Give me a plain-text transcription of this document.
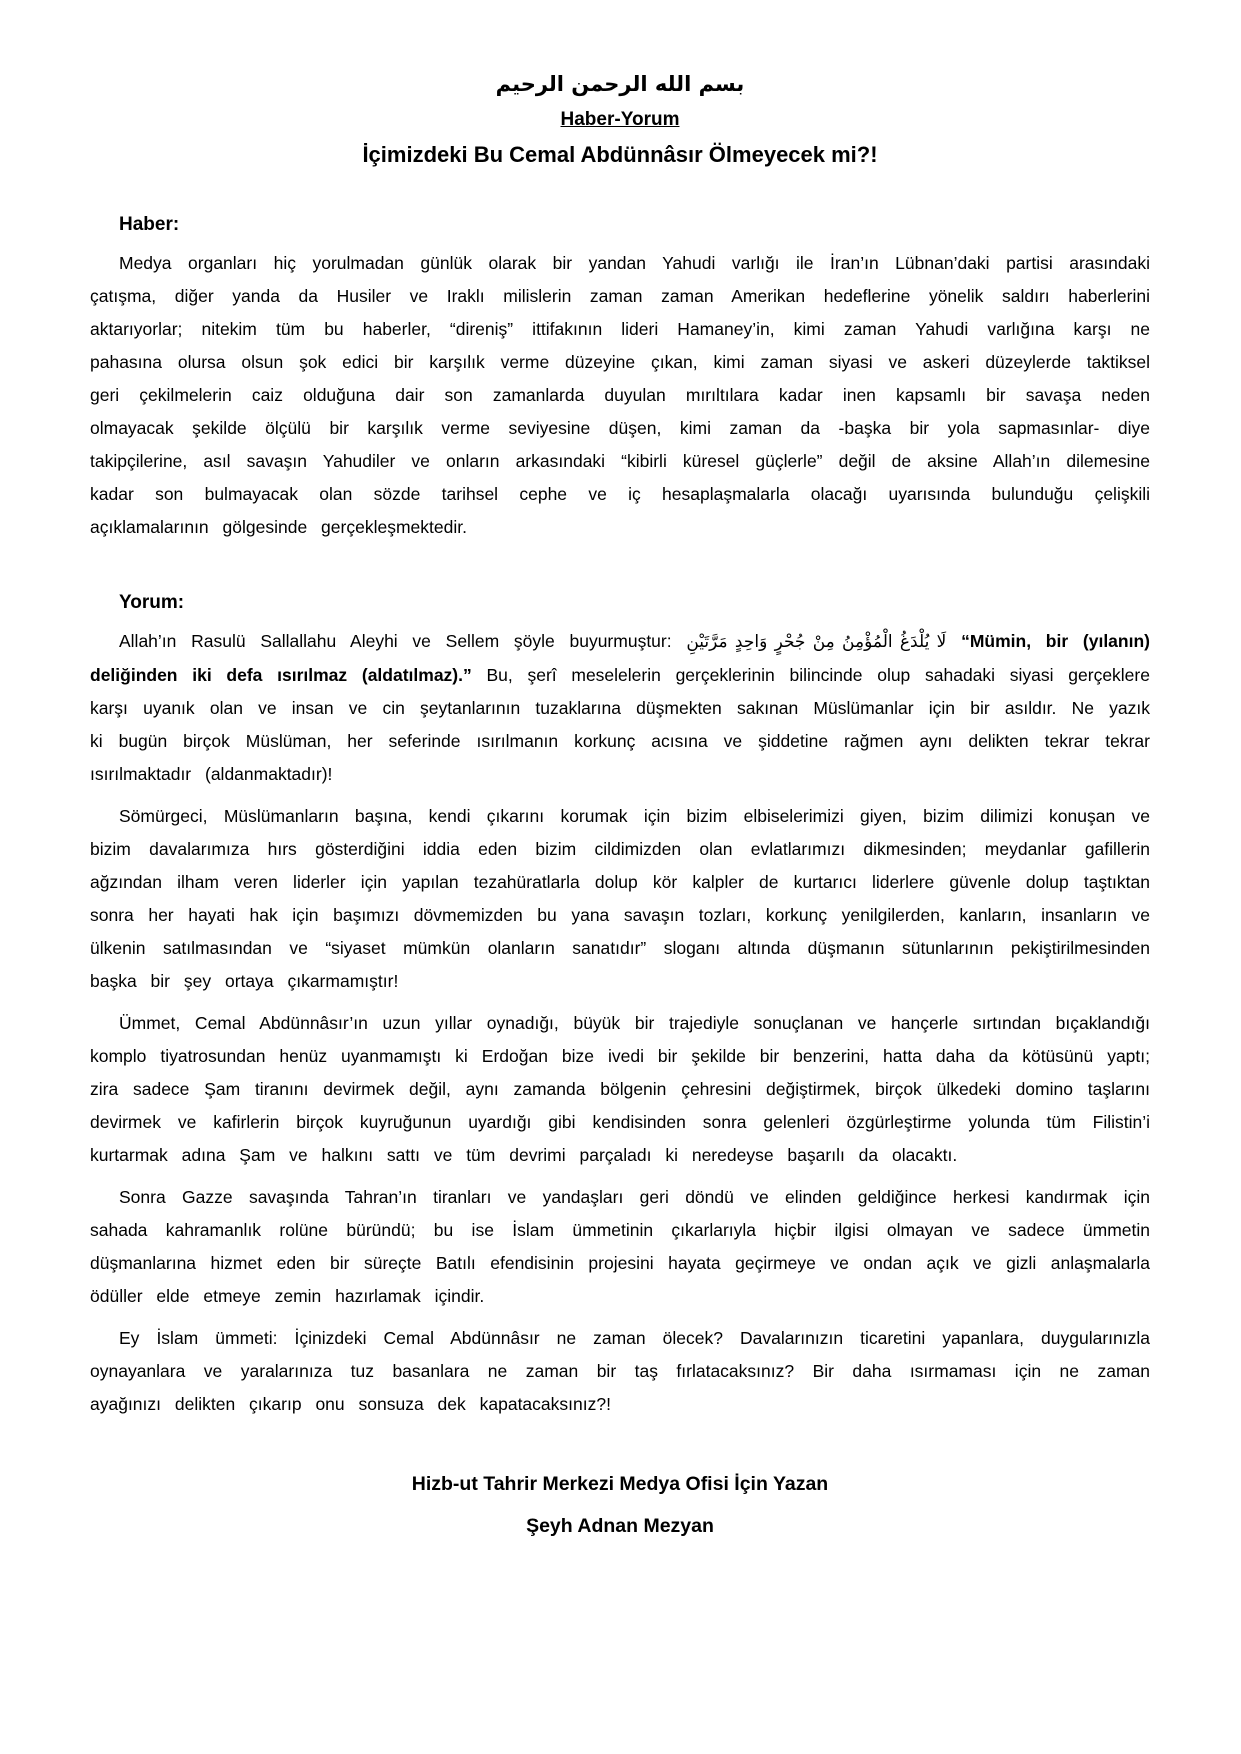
بسم الله الرحمن الرحيم
Haber-Yorum
İçimizdeki Bu Cemal Abdünnâsır Ölmeyecek mi?!
Haber:

Medya organları hiç yorulmadan günlük olarak bir yandan Yahudi varlığı ile İran’ın Lübnan’daki partisi arasındaki çatışma, diğer yanda da Husiler ve Iraklı milislerin zaman zaman Amerikan hedeflerine yönelik saldırı haberlerini aktarıyorlar; nitekim tüm bu haberler, “direniş” ittifakının lideri Hamaney’in, kimi zaman Yahudi varlığına karşı ne pahasına olursa olsun şok edici bir karşılık verme düzeyine çıkan, kimi zaman siyasi ve askeri düzeylerde taktiksel geri çekilmelerin caiz olduğuna dair son zamanlarda duyulan mırıltılara kadar inen kapsamlı bir savaşa neden olmayacak şekilde ölçülü bir karşılık verme seviyesine düşen, kimi zaman da -başka bir yola sapmasınlar- diye takipçilerine, asıl savaşın Yahudiler ve onların arkasındaki “kibirli küresel güçlerle” değil de aksine Allah’ın dilemesine kadar son bulmayacak olan sözde tarihsel cephe ve iç hesaplaşmalarla olacağı uyarısında bulunduğu çelişkili açıklamalarının gölgesinde gerçekleşmektedir.

Yorum:

Allah’ın Rasulü Sallallahu Aleyhi ve Sellem şöyle buyurmuştur: لَا يُلْدَغُ الْمُؤْمِنُ مِنْ جُحْرٍ وَاحِدٍ مَرَّتَيْنِ “Mümin, bir (yılanın) deliğinden iki defa ısırılmaz (aldatılmaz).” Bu, şerî meselelerin gerçeklerinin bilincinde olup sahadaki siyasi gerçeklere karşı uyanık olan ve insan ve cin şeytanlarının tuzaklarına düşmekten sakınan Müslümanlar için bir asıldır. Ne yazık ki bugün birçok Müslüman, her seferinde ısırılmanın korkunç acısına ve şiddetine rağmen aynı delikten tekrar tekrar ısırılmaktadır (aldanmaktadır)!

Sömürgeci, Müslümanların başına, kendi çıkarını korumak için bizim elbiselerimizi giyen, bizim dilimizi konuşan ve bizim davalarımıza hırs gösterdiğini iddia eden bizim cildimizden olan evlatlarımızı dikmesinden; meydanlar gafillerin ağzından ilham veren liderler için yapılan tezahüratlarla dolup kör kalpler de kurtarıcı liderlere güvenle dolup taştıktan sonra her hayati hak için başımızı dövmemizden bu yana savaşın tozları, korkunç yenilgilerden, kanların, insanların ve ülkenin satılmasından ve “siyaset mümkün olanların sanatıdır” sloganı altında düşmanın sütunlarının pekiştirilmesinden başka bir şey ortaya çıkarmamıştır!

Ümmet, Cemal Abdünnâsır’ın uzun yıllar oynadığı, büyük bir trajediyle sonuçlanan ve hançerle sırtından bıçaklandığı komplo tiyatrosundan henüz uyanmamıştı ki Erdoğan bize ivedi bir şekilde bir benzerini, hatta daha da kötüsünü yaptı; zira sadece Şam tiranını devirmek değil, aynı zamanda bölgenin çehresini değiştirmek, birçok ülkedeki domino taşlarını devirmek ve kafirlerin birçok kuyruğunun uyardığı gibi kendisinden sonra gelenleri özgürleştirme yolunda tüm Filistin’i kurtarmak adına Şam ve halkını sattı ve tüm devrimi parçaladı ki neredeyse başarılı da olacaktı.

Sonra Gazze savaşında Tahran’ın tiranları ve yandaşları geri döndü ve elinden geldiğince herkesi kandırmak için sahada kahramanlık rolüne büründü; bu ise İslam ümmetinin çıkarlarıyla hiçbir ilgisi olmayan ve sadece ümmetin düşmanlarına hizmet eden bir süreçte Batılı efendisinin projesini hayata geçirmeye ve ondan açık ve gizli anlaşmalarla ödüller elde etmeye zemin hazırlamak içindir.

Ey İslam ümmeti: İçinizdeki Cemal Abdünnâsır ne zaman ölecek? Davalarınızın ticaretini yapanlara, duygularınızla oynayanlara ve yaralarınıza tuz basanlara ne zaman bir taş fırlatacaksınız? Bir daha ısırmaması için ne zaman ayağınızı delikten çıkarıp onu sonsuza dek kapatacaksınız?!

Hizb-ut Tahrir Merkezi Medya Ofisi İçin Yazan
Şeyh Adnan Mezyan
